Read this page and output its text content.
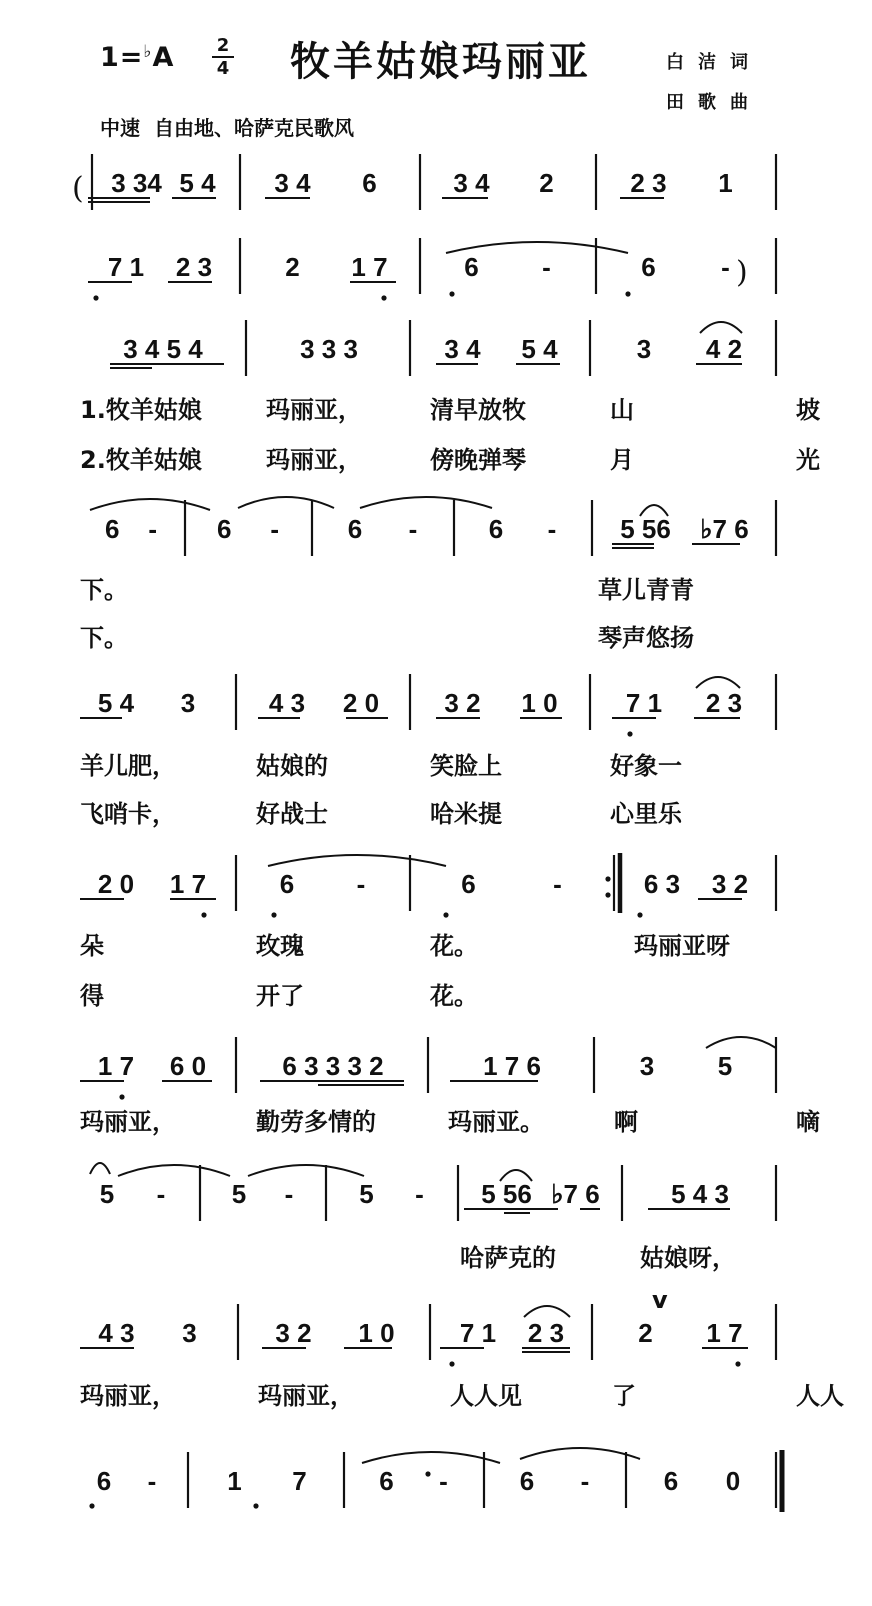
1=♭A 2
4 牧羊姑娘玛丽亚	白洁词
田歌曲
中速 自由地、哈萨克民歌风
( 3 34 5 4 3 4 6	3 4 2	2 3 1
)
7 1 2 3	2 1 7	6 -	6	-
3 4 5 4	3 3 3	3 4 5 4	3 4 2
1.牧羊姑娘	玛丽亚，	清早放牧	山	坡
2.牧羊姑娘	玛丽亚，	傍晚弹琴	月	光
6 - 6 -	6 -	6 - 5 56 ♭7 6
下。	草儿青青
下。	琴声悠扬
5 4 3	4 3 2 0	3 2 1 0	7 1 2 3
羊儿肥，	姑娘的	笑脸上	好象一
飞哨卡，	好战士	哈米提	心里乐
2 0 1 7	6 -	6	-	6 3 3 2
朵	玫瑰	花。	玛丽亚呀
得	开了	花。
1 7 6 0	6 3 3 3 2	1 7 6	3 5
玛丽亚，	勤劳多情的	玛丽亚。	啊	嘀
5 -	5 -	5 - 5 56 ♭7 6	5 4 3
哈萨克的	姑娘呀，
4 3 3	3 2 1 0	7 1 2 3	2 1 7
v
玛丽亚，	玛丽亚，	人人见	了	人人
6 -	1 7	6 -	6 -	6 0
